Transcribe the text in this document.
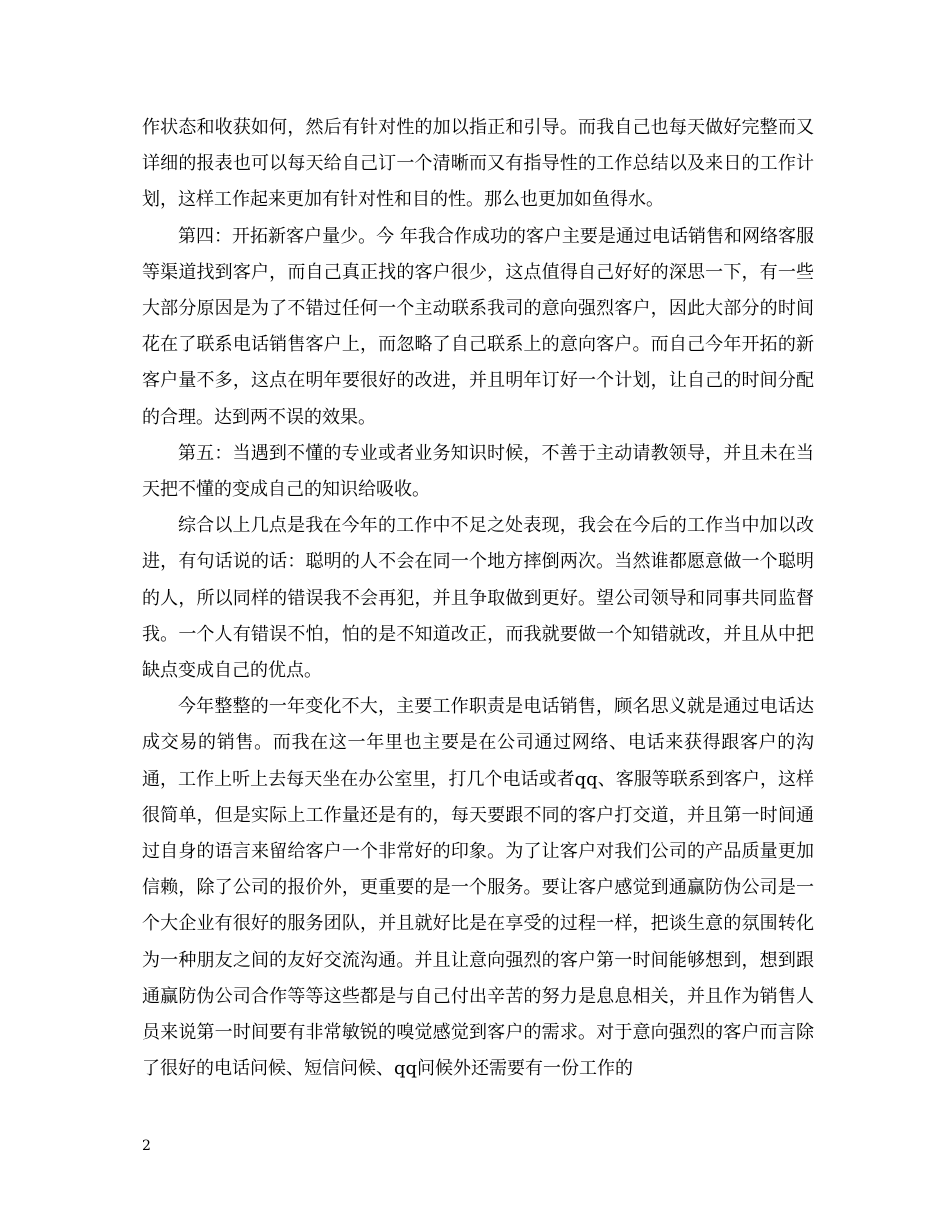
作状态和收获如何，然后有针对性的加以指正和引导。而我自己也每天做好完整而又详细的报表也可以每天给自己订一个清晰而又有指导性的工作总结以及来日的工作计划，这样工作起来更加有针对性和目的性。那么也更加如鱼得水。

第四：开拓新客户量少。今 年我合作成功的客户主要是通过电话销售和网络客服等渠道找到客户，而自己真正找的客户很少，这点值得自己好好的深思一下，有一些大部分原因是为了不错过任何一个主动联系我司的意向强烈客户，因此大部分的时间花在了联系电话销售客户上，而忽略了自己联系上的意向客户。而自己今年开拓的新客户量不多，这点在明年要很好的改进，并且明年订好一个计划，让自己的时间分配的合理。达到两不误的效果。

第五：当遇到不懂的专业或者业务知识时候，不善于主动请教领导，并且未在当天把不懂的变成自己的知识给吸收。

综合以上几点是我在今年的工作中不足之处表现，我会在今后的工作当中加以改进，有句话说的话：聪明的人不会在同一个地方摔倒两次。当然谁都愿意做一个聪明的人，所以同样的错误我不会再犯，并且争取做到更好。望公司领导和同事共同监督我。一个人有错误不怕，怕的是不知道改正，而我就要做一个知错就改，并且从中把缺点变成自己的优点。

今年整整的一年变化不大，主要工作职责是电话销售，顾名思义就是通过电话达成交易的销售。而我在这一年里也主要是在公司通过网络、电话来获得跟客户的沟通，工作上听上去每天坐在办公室里，打几个电话或者qq、客服等联系到客户，这样很简单，但是实际上工作量还是有的，每天要跟不同的客户打交道，并且第一时间通过自身的语言来留给客户一个非常好的印象。为了让客户对我们公司的产品质量更加信赖，除了公司的报价外，更重要的是一个服务。要让客户感觉到通赢防伪公司是一个大企业有很好的服务团队，并且就好比是在享受的过程一样，把谈生意的氛围转化为一种朋友之间的友好交流沟通。并且让意向强烈的客户第一时间能够想到，想到跟通赢防伪公司合作等等这些都是与自己付出辛苦的努力是息息相关，并且作为销售人员来说第一时间要有非常敏锐的嗅觉感觉到客户的需求。对于意向强烈的客户而言除了很好的电话问候、短信问候、qq问候外还需要有一份工作的

2
